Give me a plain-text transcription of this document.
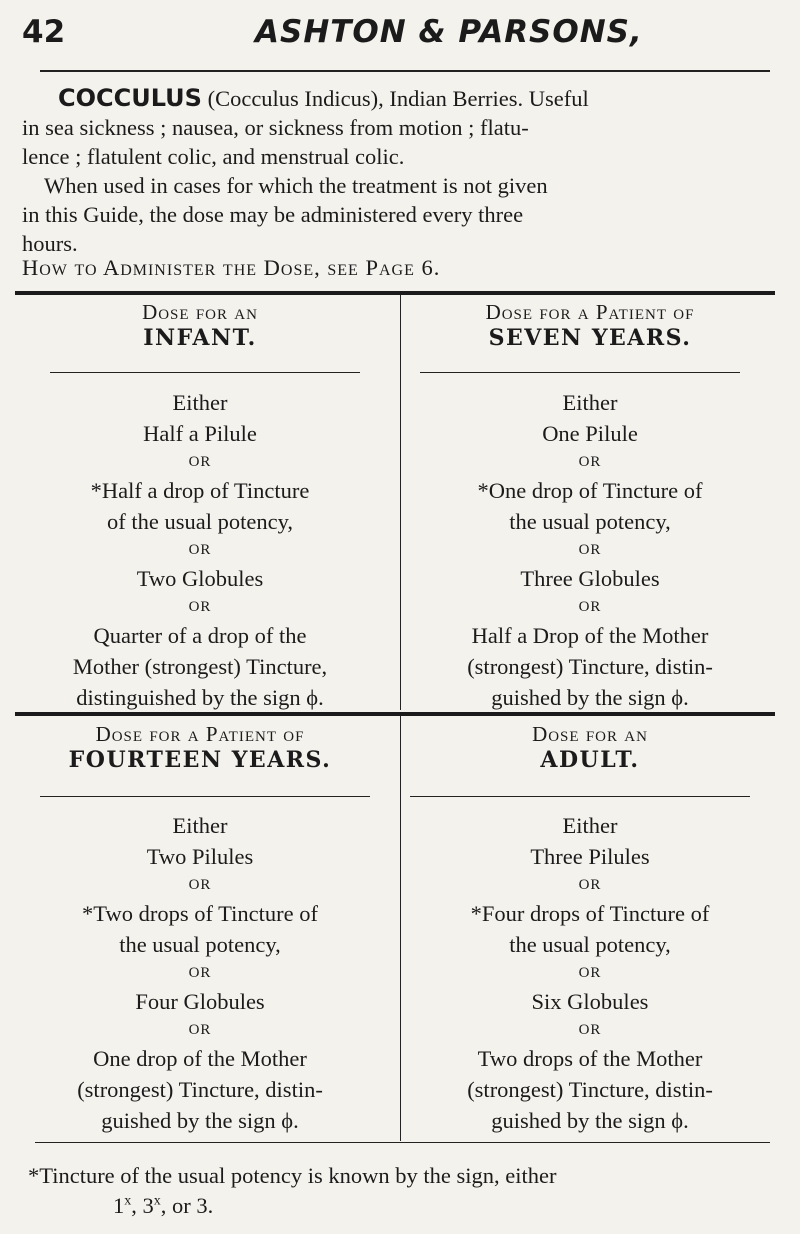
42	ASHTON & PARSONS,

COCCULUS (Cocculus Indicus), Indian Berries. Useful

in sea sickness ; nausea, or sickness from motion ; flatu-

lence ; flatulent colic, and menstrual colic.

When used in cases for which the treatment is not given

in this Guide, the dose may be administered every three

hours.

How to Administer the Dose, see Page 6.
Dose for an
INFANT.
Dose for a Patient of
SEVEN YEARS.
Either
Half a Pilule
OR
*Half a drop of Tincture
of the usual potency,
OR
Two Globules
OR
Quarter of a drop of the
Mother (strongest) Tincture,
distinguished by the sign ϕ.
Either
One Pilule
OR
*One drop of Tincture of
the usual potency,
OR
Three Globules
OR
Half a Drop of the Mother
(strongest) Tincture, distin-
guished by the sign ϕ.
Dose for a Patient of
FOURTEEN YEARS.
Dose for an
ADULT.
Either
Two Pilules
OR
*Two drops of Tincture of
the usual potency,
OR
Four Globules
OR
One drop of the Mother
(strongest) Tincture, distin-
guished by the sign ϕ.
Either
Three Pilules
OR
*Four drops of Tincture of
the usual potency,
OR
Six Globules
OR
Two drops of the Mother
(strongest) Tincture, distin-
guished by the sign ϕ.
*Tincture of the usual potency is known by the sign, either
1$^x$, 3$^x$, or 3.
